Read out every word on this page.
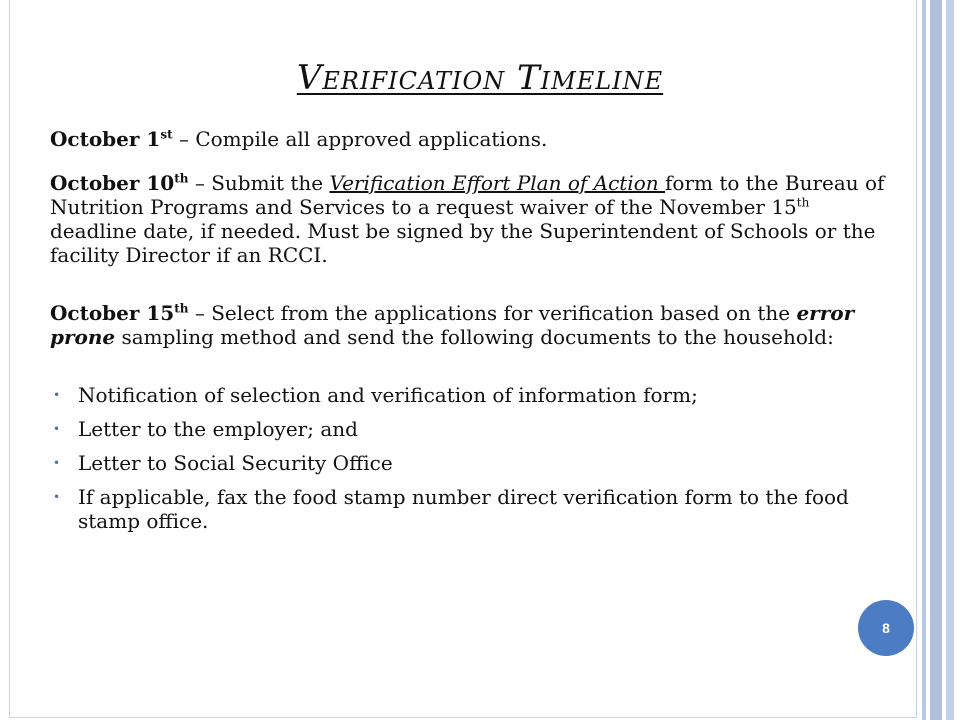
Verification Timeline

October 1st – Compile all approved applications.

October 10th – Submit the Verification Effort Plan of Action form to the Bureau of Nutrition Programs and Services to a request waiver of the November 15th deadline date, if needed. Must be signed by the Superintendent of Schools or the facility Director if an RCCI.

October 15th – Select from the applications for verification based on the error prone sampling method and send the following documents to the household:

• Notification of selection and verification of information form;
• Letter to the employer; and
• Letter to Social Security Office
• If applicable, fax the food stamp number direct verification form to the food stamp office.
8
